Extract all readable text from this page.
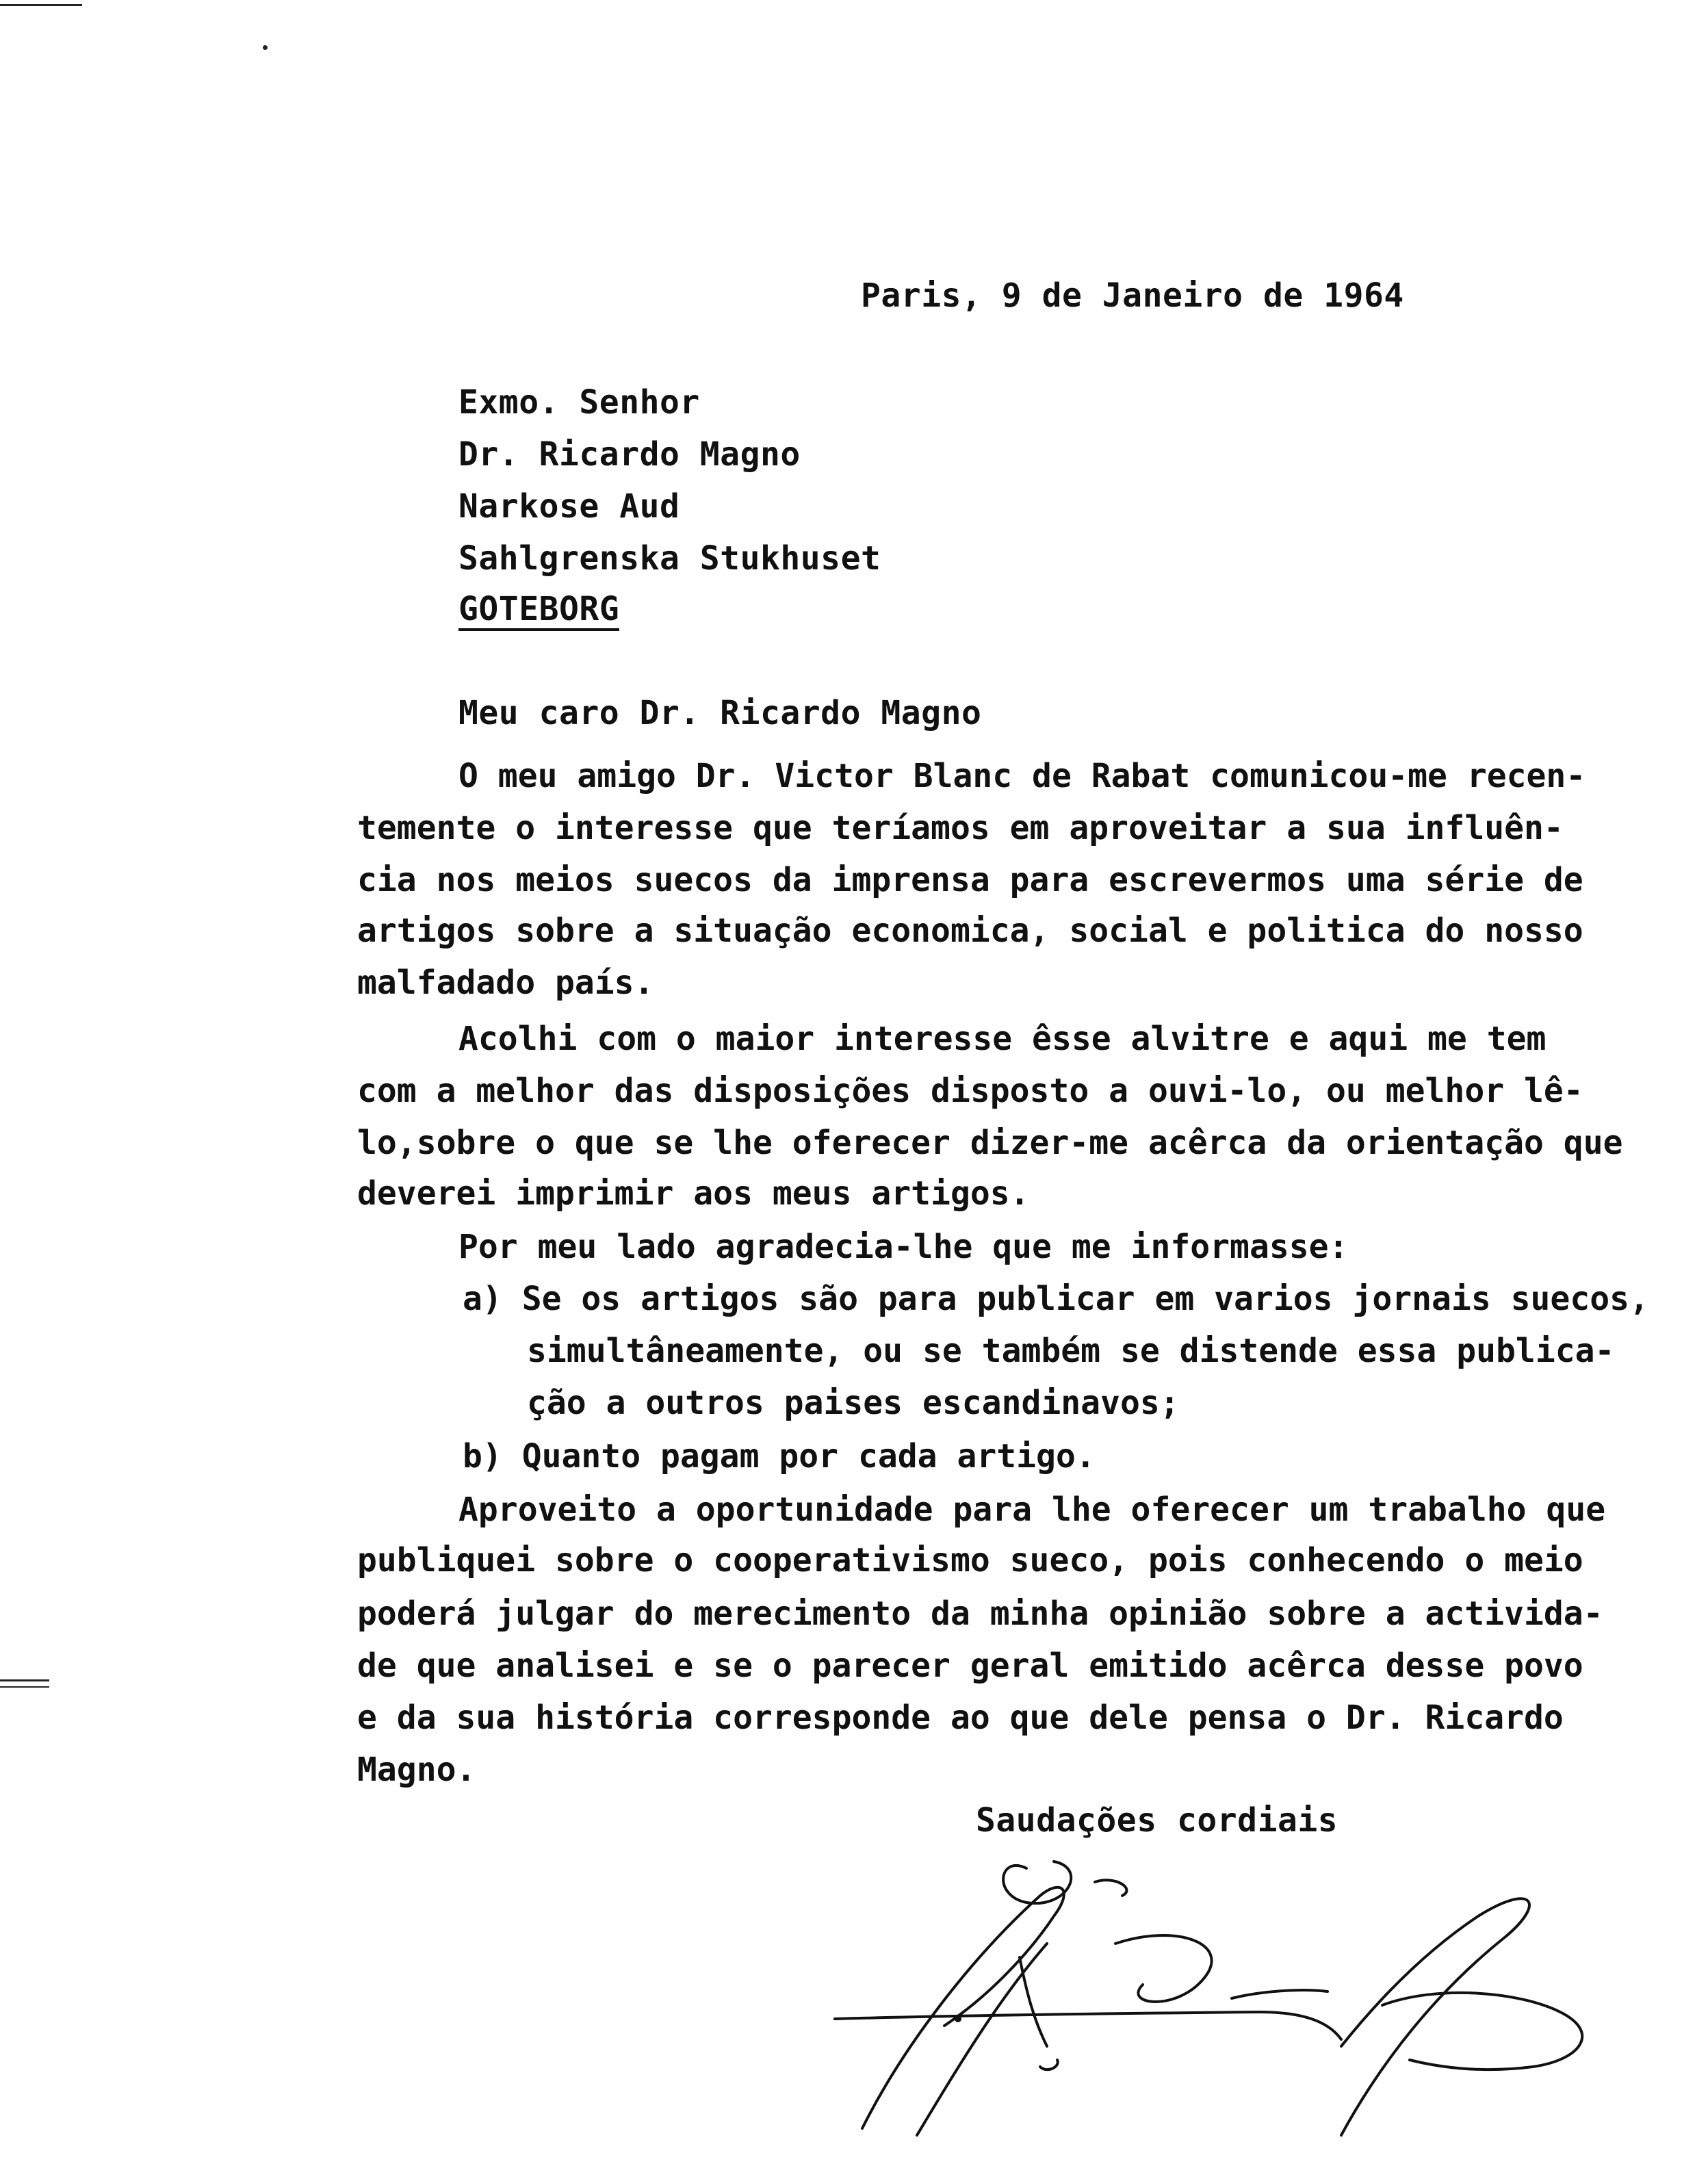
Paris, 9 de Janeiro de 1964
Exmo. Senhor
Dr. Ricardo Magno
Narkose Aud
Sahlgrenska Stukhuset
GOTEBORG
Meu caro Dr. Ricardo Magno
O meu amigo Dr. Victor Blanc de Rabat comunicou-me recen-
temente o interesse que teríamos em aproveitar a sua influên-
cia nos meios suecos da imprensa para escrevermos uma série de
artigos sobre a situação economica, social e politica do nosso
malfadado país.
Acolhi com o maior interesse êsse alvitre e aqui me tem
com a melhor das disposições disposto a ouvi-lo, ou melhor lê-
lo,sobre o que se lhe oferecer dizer-me acêrca da orientação que
deverei imprimir aos meus artigos.
Por meu lado agradecia-lhe que me informasse:
a) Se os artigos são para publicar em varios jornais suecos,
simultâneamente, ou se também se distende essa publica-
ção a outros paises escandinavos;
b) Quanto pagam por cada artigo.
Aproveito a oportunidade para lhe oferecer um trabalho que
publiquei sobre o cooperativismo sueco, pois conhecendo o meio
poderá julgar do merecimento da minha opinião sobre a activida-
de que analisei e se o parecer geral emitido acêrca desse povo
e da sua história corresponde ao que dele pensa o Dr. Ricardo
Magno.
Saudações cordiais
